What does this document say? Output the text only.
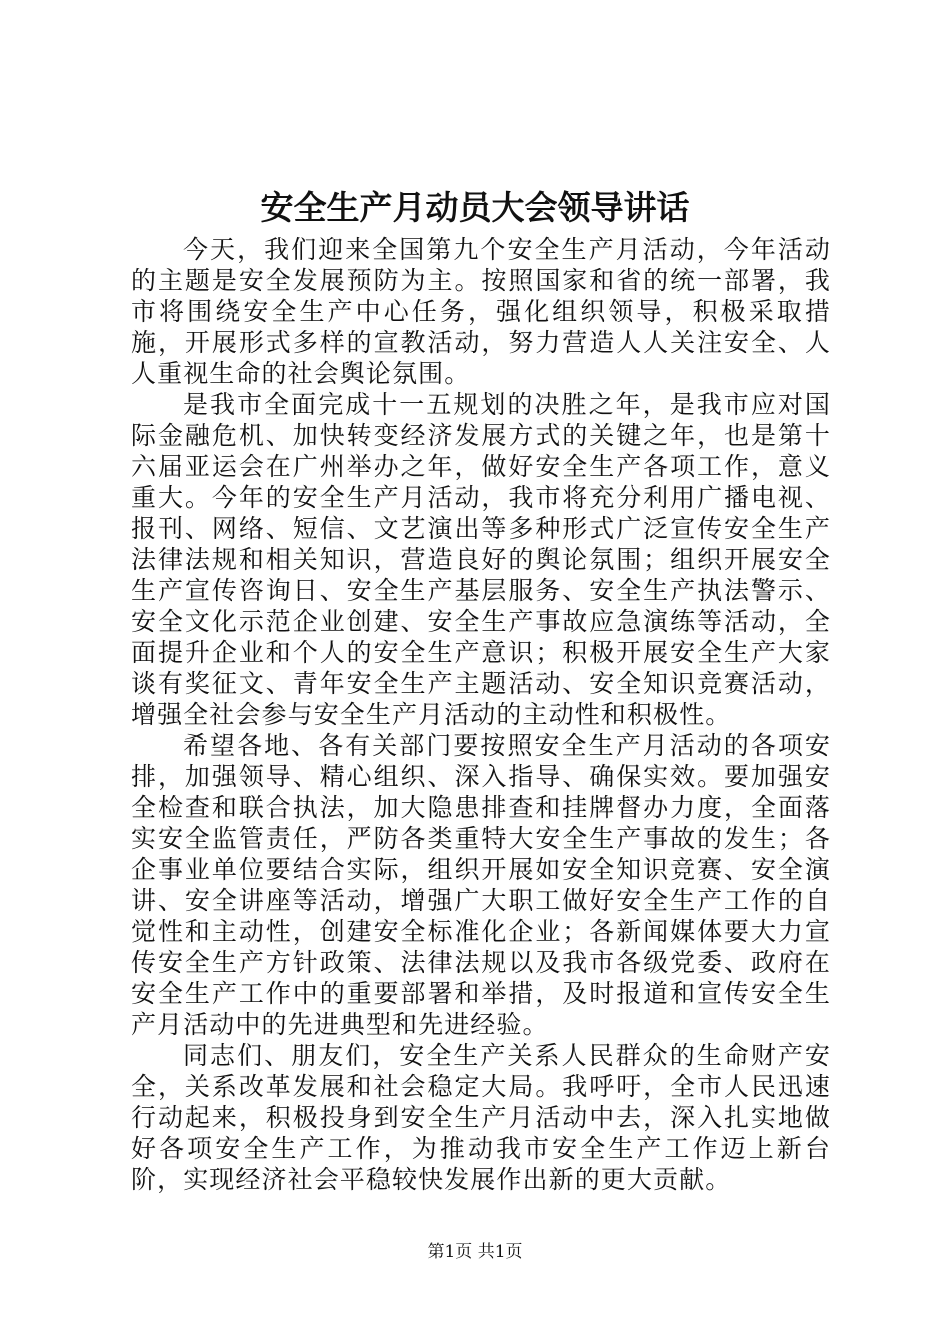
安全生产月动员大会领导讲话

今天，我们迎来全国第九个安全生产月活动，今年活动的主题是安全发展预防为主。按照国家和省的统一部署，我市将围绕安全生产中心任务，强化组织领导，积极采取措施，开展形式多样的宣教活动，努力营造人人关注安全、人人重视生命的社会舆论氛围。

是我市全面完成十一五规划的决胜之年，是我市应对国际金融危机、加快转变经济发展方式的关键之年，也是第十六届亚运会在广州举办之年，做好安全生产各项工作，意义重大。今年的安全生产月活动，我市将充分利用广播电视、报刊、网络、短信、文艺演出等多种形式广泛宣传安全生产法律法规和相关知识，营造良好的舆论氛围；组织开展安全生产宣传咨询日、安全生产基层服务、安全生产执法警示、安全文化示范企业创建、安全生产事故应急演练等活动，全面提升企业和个人的安全生产意识；积极开展安全生产大家谈有奖征文、青年安全生产主题活动、安全知识竞赛活动，增强全社会参与安全生产月活动的主动性和积极性。

希望各地、各有关部门要按照安全生产月活动的各项安排，加强领导、精心组织、深入指导、确保实效。要加强安全检查和联合执法，加大隐患排查和挂牌督办力度，全面落实安全监管责任，严防各类重特大安全生产事故的发生；各企事业单位要结合实际，组织开展如安全知识竞赛、安全演讲、安全讲座等活动，增强广大职工做好安全生产工作的自觉性和主动性，创建安全标准化企业；各新闻媒体要大力宣传安全生产方针政策、法律法规以及我市各级党委、政府在安全生产工作中的重要部署和举措，及时报道和宣传安全生产月活动中的先进典型和先进经验。

同志们、朋友们，安全生产关系人民群众的生命财产安全，关系改革发展和社会稳定大局。我呼吁，全市人民迅速行动起来，积极投身到安全生产月活动中去，深入扎实地做好各项安全生产工作，为推动我市安全生产工作迈上新台阶，实现经济社会平稳较快发展作出新的更大贡献。

第1页 共1页
